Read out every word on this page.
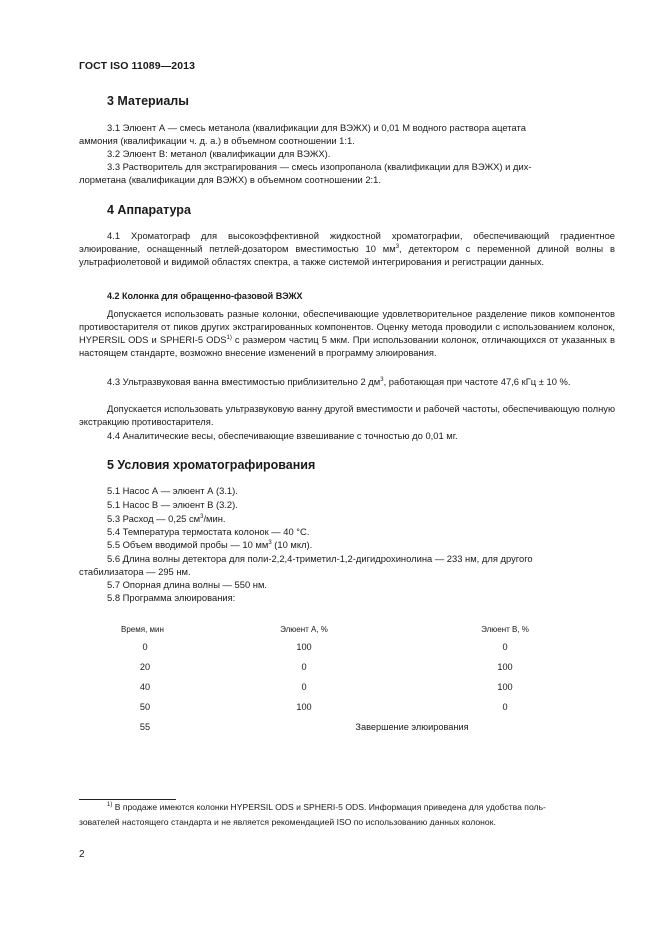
ГОСТ ISO 11089—2013
3 Материалы
3.1 Элюент А — смесь метанола (квалификации для ВЭЖХ) и 0,01 М водного раствора ацетата
аммония (квалификации ч. д. а.) в объемном соотношении 1:1.
3.2 Элюент В: метанол (квалификации для ВЭЖХ).
3.3 Растворитель для экстрагирования — смесь изопропанола (квалификации для ВЭЖХ) и дих-
лорметана (квалификации для ВЭЖХ) в объемном соотношении 2:1.
4 Аппаратура
4.1 Хроматограф для высокоэффективной жидкостной хроматографии, обеспечивающий градиентное элюирование, оснащенный петлей-дозатором вместимостью 10 $мм^3$, детектором с переменной длиной волны в ультрафиолетовой и видимой областях спектра, а также системой интегрирования и регистрации данных.
4.2 Колонка для обращенно-фазовой ВЭЖХ
Допускается использовать разные колонки, обеспечивающие удовлетворительное разделение пиков компонентов противостарителя от пиков других экстрагированных компонентов. Оценку метода проводили с использованием колонок, HYPERSIL ODS и SPHERI-5 ODS$^{1)}$ с размером частиц 5 мкм. При использовании колонок, отличающихся от указанных в настоящем стандарте, возможно внесение изменений в программу элюирования.
4.3 Ультразвуковая ванна вместимостью приблизительно 2 $дм^3$, работающая при частоте 47,6 кГц ± 10 %.
Допускается использовать ультразвуковую ванну другой вместимости и рабочей частоты, обеспечивающую полную экстракцию противостарителя.
4.4 Аналитические весы, обеспечивающие взвешивание с точностью до 0,01 мг.
5 Условия хроматографирования
5.1 Насос А — элюент А (3.1).
5.1 Насос В — элюент В (3.2).
5.3 Расход — 0,25 $см^3$/мин.
5.4 Температура термостата колонок — 40 °С.
5.5 Объем вводимой пробы — 10 $мм^3$ (10 мкл).
5.6 Длина волны детектора для поли-2,2,4-триметил-1,2-дигидрохинолина — 233 нм, для другого
стабилизатора — 295 нм.
5.7 Опорная длина волны — 550 нм.
5.8 Программа элюирования:
Время, мин	Элюент А, %	Элюент В, %
0	100	0
20	0	100
40	0	100
50	100	0
55	Завершение элюирования
$^{1)}$ В продаже имеются колонки HYPERSIL ODS и SPHERI-5 ODS. Информация приведена для удобства поль-
зователей настоящего стандарта и не является рекомендацией ISO по использованию данных колонок.
2
